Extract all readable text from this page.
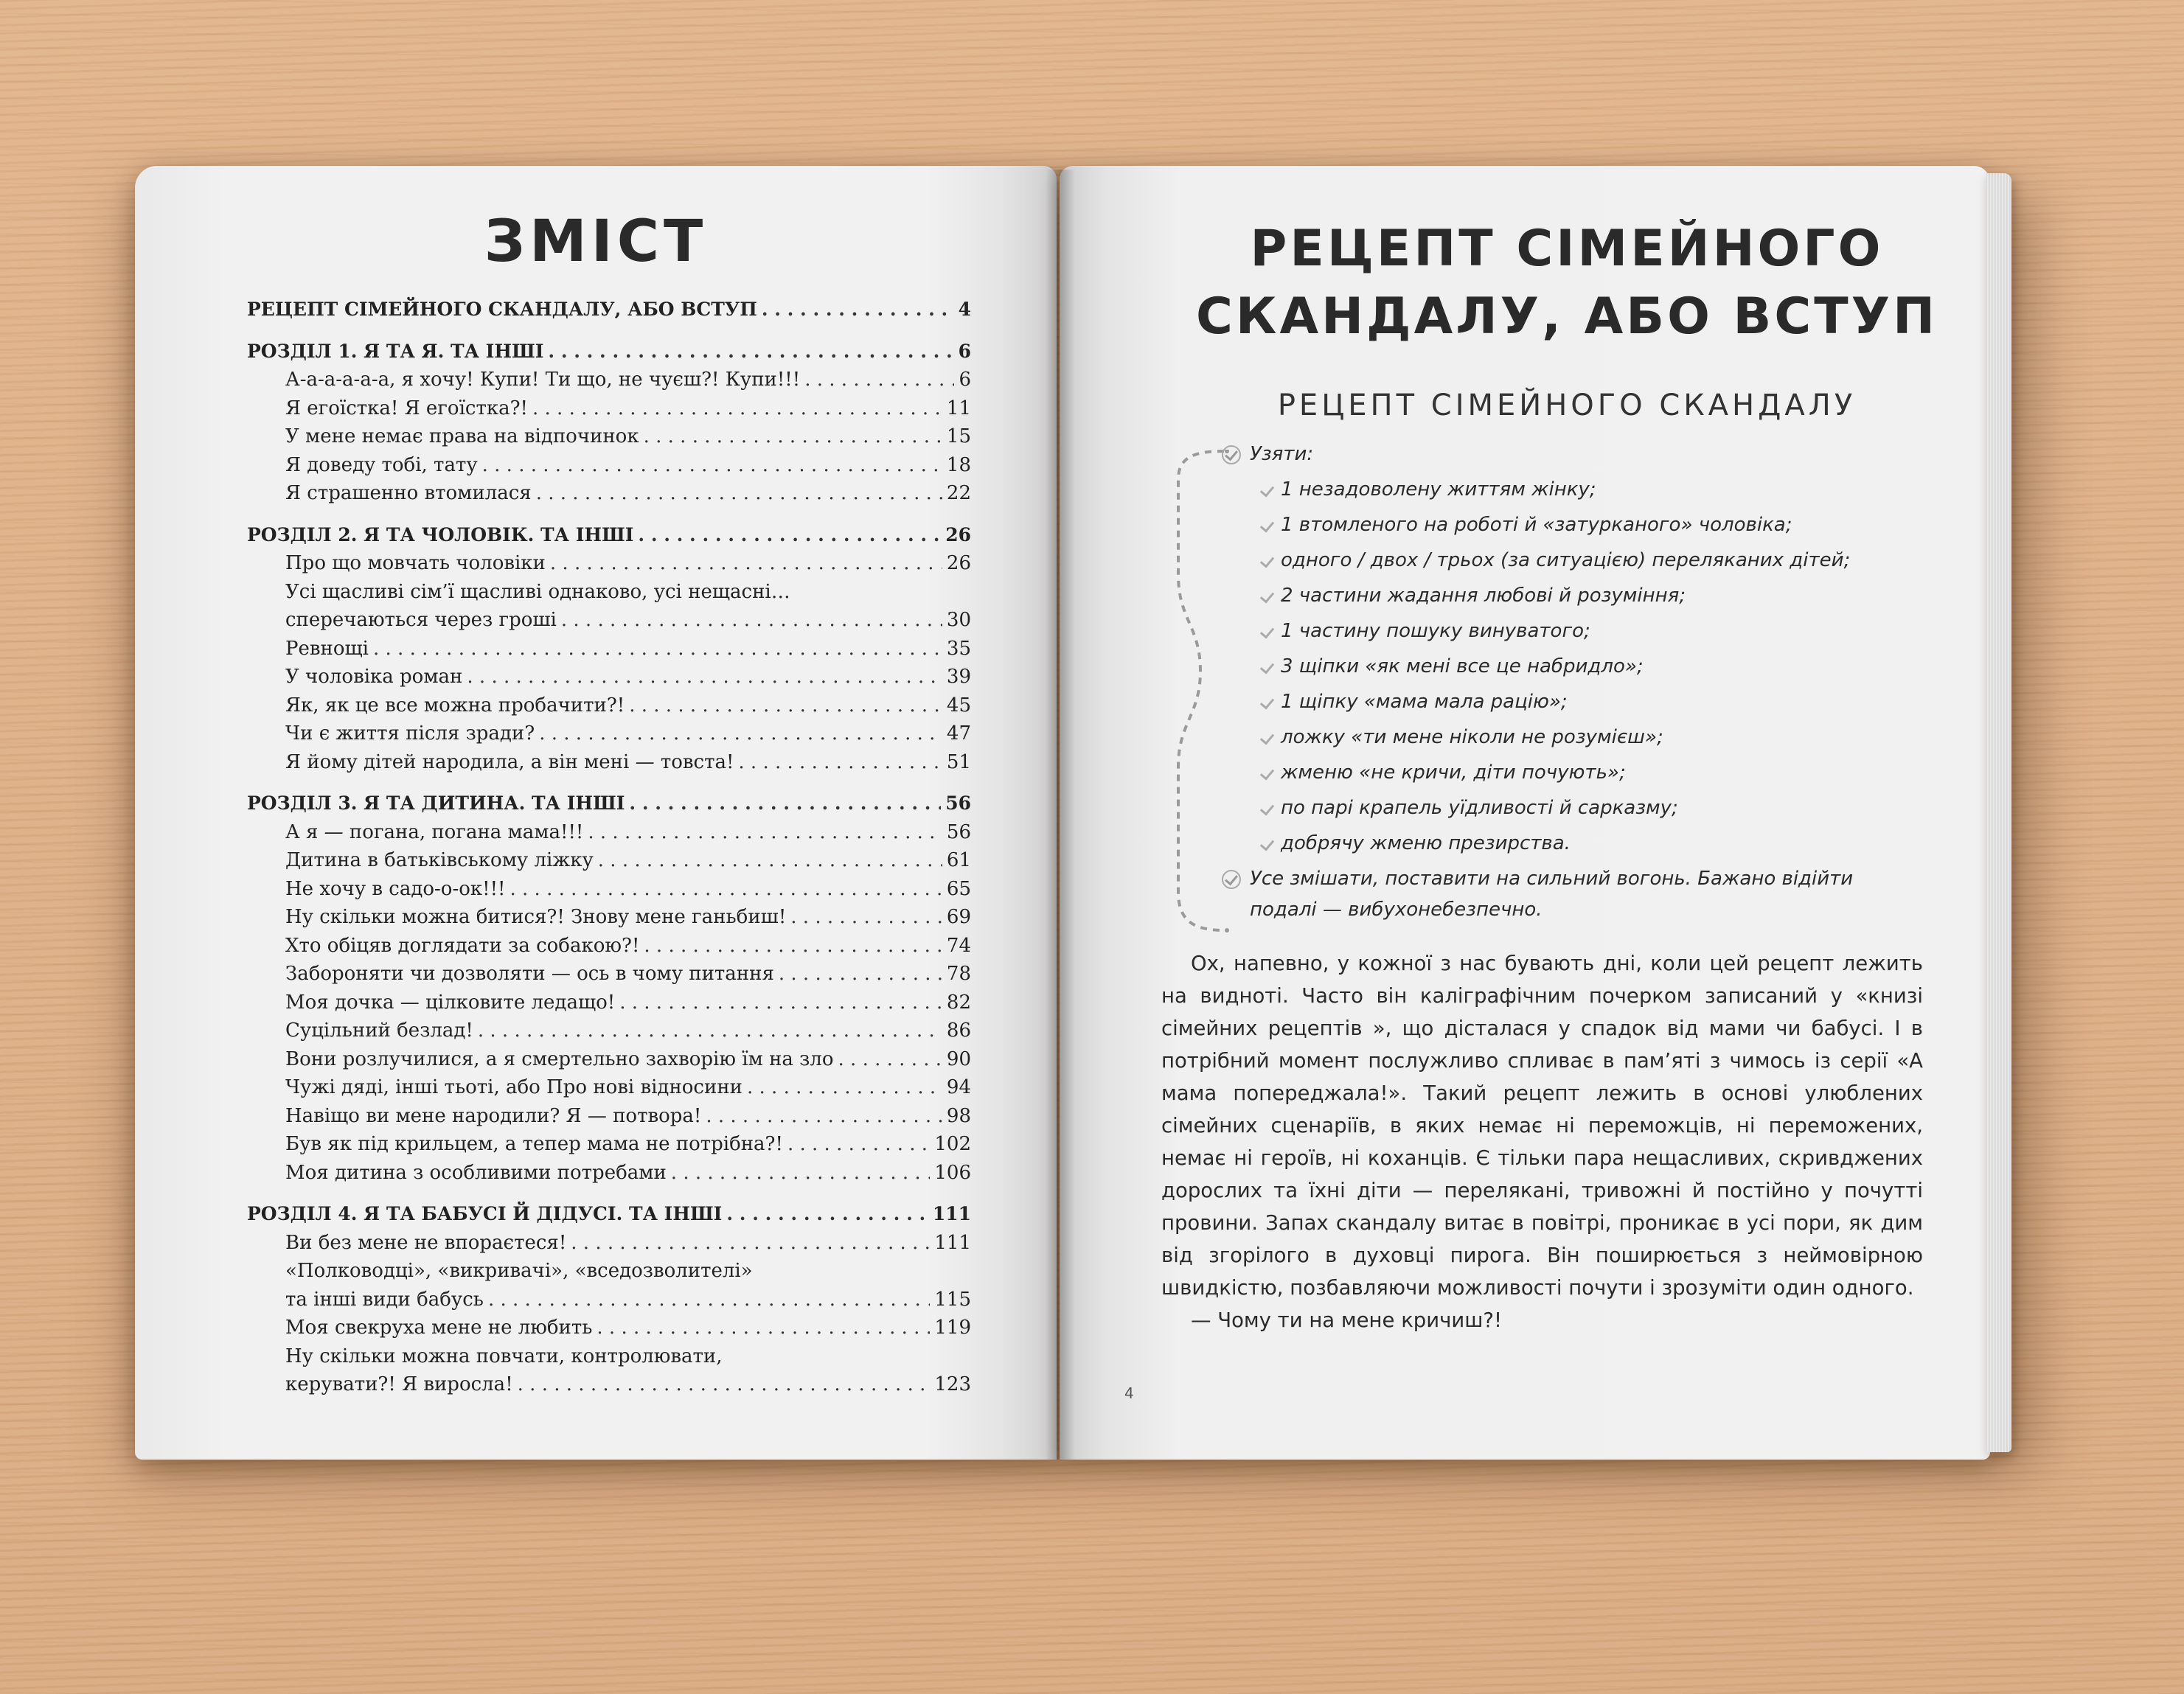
ЗМІСТ
РЕЦЕПТ СІМЕЙНОГО СКАНДАЛУ, АБО ВСТУП . . .	4
РОЗДІЛ 1. Я ТА Я. ТА ІНШІ . . .	6
А-а-а-а-а-а, я хочу! Купи! Ти що, не чуєш?! Купи!!! . . .	6
Я егоїстка! Я егоїстка?! . . .	11
У мене немає права на відпочинок . . .	15
Я доведу тобі, тату . . .	18
Я страшенно втомилася . . .	22
РОЗДІЛ 2. Я ТА ЧОЛОВІК. ТА ІНШІ . . .	26
Про що мовчать чоловіки . . .	26
Усі щасливі сім’ї щасливі однаково, усі нещасні…
сперечаються через гроші . . .	30
Ревнощі . . .	35
У чоловіка роман . . .	39
Як, як це все можна пробачити?! . . .	45
Чи є життя після зради? . . .	47
Я йому дітей народила, а він мені — товста! . . .	51
РОЗДІЛ 3. Я ТА ДИТИНА. ТА ІНШІ . . .	56
А я — погана, погана мама!!! . . .	56
Дитина в батьківському ліжку . . .	61
Не хочу в садо-о-ок!!! . . .	65
Ну скільки можна битися?! Знову мене ганьбиш! . . .	69
Хто обіцяв доглядати за собакою?! . . .	74
Забороняти чи дозволяти — ось в чому питання . . .	78
Моя дочка — цілковите ледащо! . . .	82
Суцільний безлад! . . .	86
Вони розлучилися, а я смертельно захворію їм на зло . . .	90
Чужі дяді, інші тьоті, або Про нові відносини . . .	94
Навіщо ви мене народили? Я — потвора! . . .	98
Був як під крильцем, а тепер мама не потрібна?! . . .	102
Моя дитина з особливими потребами . . .	106
РОЗДІЛ 4. Я ТА БАБУСІ Й ДІДУСІ. ТА ІНШІ . . .	111
Ви без мене не впораєтеся! . . .	111
«Полководці», «викривачі», «вседозволителі»
та інші види бабусь . . .	115
Моя свекруха мене не любить . . .	119
Ну скільки можна повчати, контролювати,
керувати?! Я виросла! . . .	123
РЕЦЕПТ СІМЕЙНОГО
СКАНДАЛУ, АБО ВСТУП
РЕЦЕПТ СІМЕЙНОГО СКАНДАЛУ
Узяти:
1 незадоволену життям жінку;
1 втомленого на роботі й «затурканого» чоловіка;
одного / двох / трьох (за ситуацією) переляканих дітей;
2 частини жадання любові й розуміння;
1 частину пошуку винуватого;
3 щіпки «як мені все це набридло»;
1 щіпку «мама мала рацію»;
ложку «ти мене ніколи не розумієш»;
жменю «не кричи, діти почують»;
по парі крапель уїдливості й сарказму;
добрячу жменю презирства.
Усе змішати, поставити на сильний вогонь. Бажано відійти
подалі — вибухонебезпечно.

Ох, напевно, у кожної з нас бувають дні, коли цей рецепт лежить на видноті. Часто він каліграфічним почерком записаний у «книзі сімейних рецептів », що дісталася у спадок від мами чи бабусі. І в потрібний момент послужливо спливає в пам’яті з чимось із серії «А мама попереджала!». Такий рецепт лежить в основі улюблених сімейних сценаріїв, в яких немає ні переможців, ні переможених, немає ні героїв, ні коханців. Є тільки пара нещасливих, скривджених дорослих та їхні діти — перелякані, тривожні й постійно у почутті провини. Запах скандалу витає в повітрі, проникає в усі пори, як дим від згорілого в духовці пирога. Він поширюється з неймовірною швидкістю, позбавляючи можливості почути і зрозуміти один одного.

— Чому ти на мене кричиш?!

4
